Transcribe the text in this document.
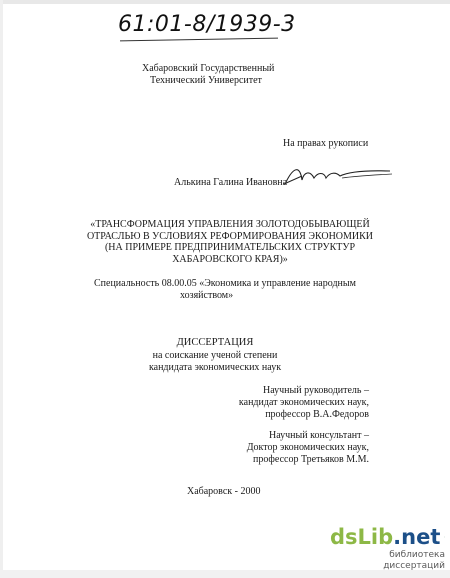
61:01-8/1939-3
Хабаровский Государственный
Технический Университет
На правах рукописи
Алькина Галина Ивановна
«ТРАНСФОРМАЦИЯ УПРАВЛЕНИЯ ЗОЛОТОДОБЫВАЮЩЕЙ
ОТРАСЛЬЮ В УСЛОВИЯХ РЕФОРМИРОВАНИЯ ЭКОНОМИКИ
(НА ПРИМЕРЕ ПРЕДПРИНИМАТЕЛЬСКИХ СТРУКТУР
ХАБАРОВСКОГО КРАЯ)»
Специальность 08.00.05 «Экономика и управление народным
хозяйством»
ДИССЕРТАЦИЯ
на соискание ученой степени
кандидата экономических наук
Научный руководитель –
кандидат экономических наук,
профессор В.А.Федоров
Научный консультант –
Доктор экономических наук,
профессор Третьяков М.М.
Хабаровск - 2000
dsLib.net
библиотека диссертаций
